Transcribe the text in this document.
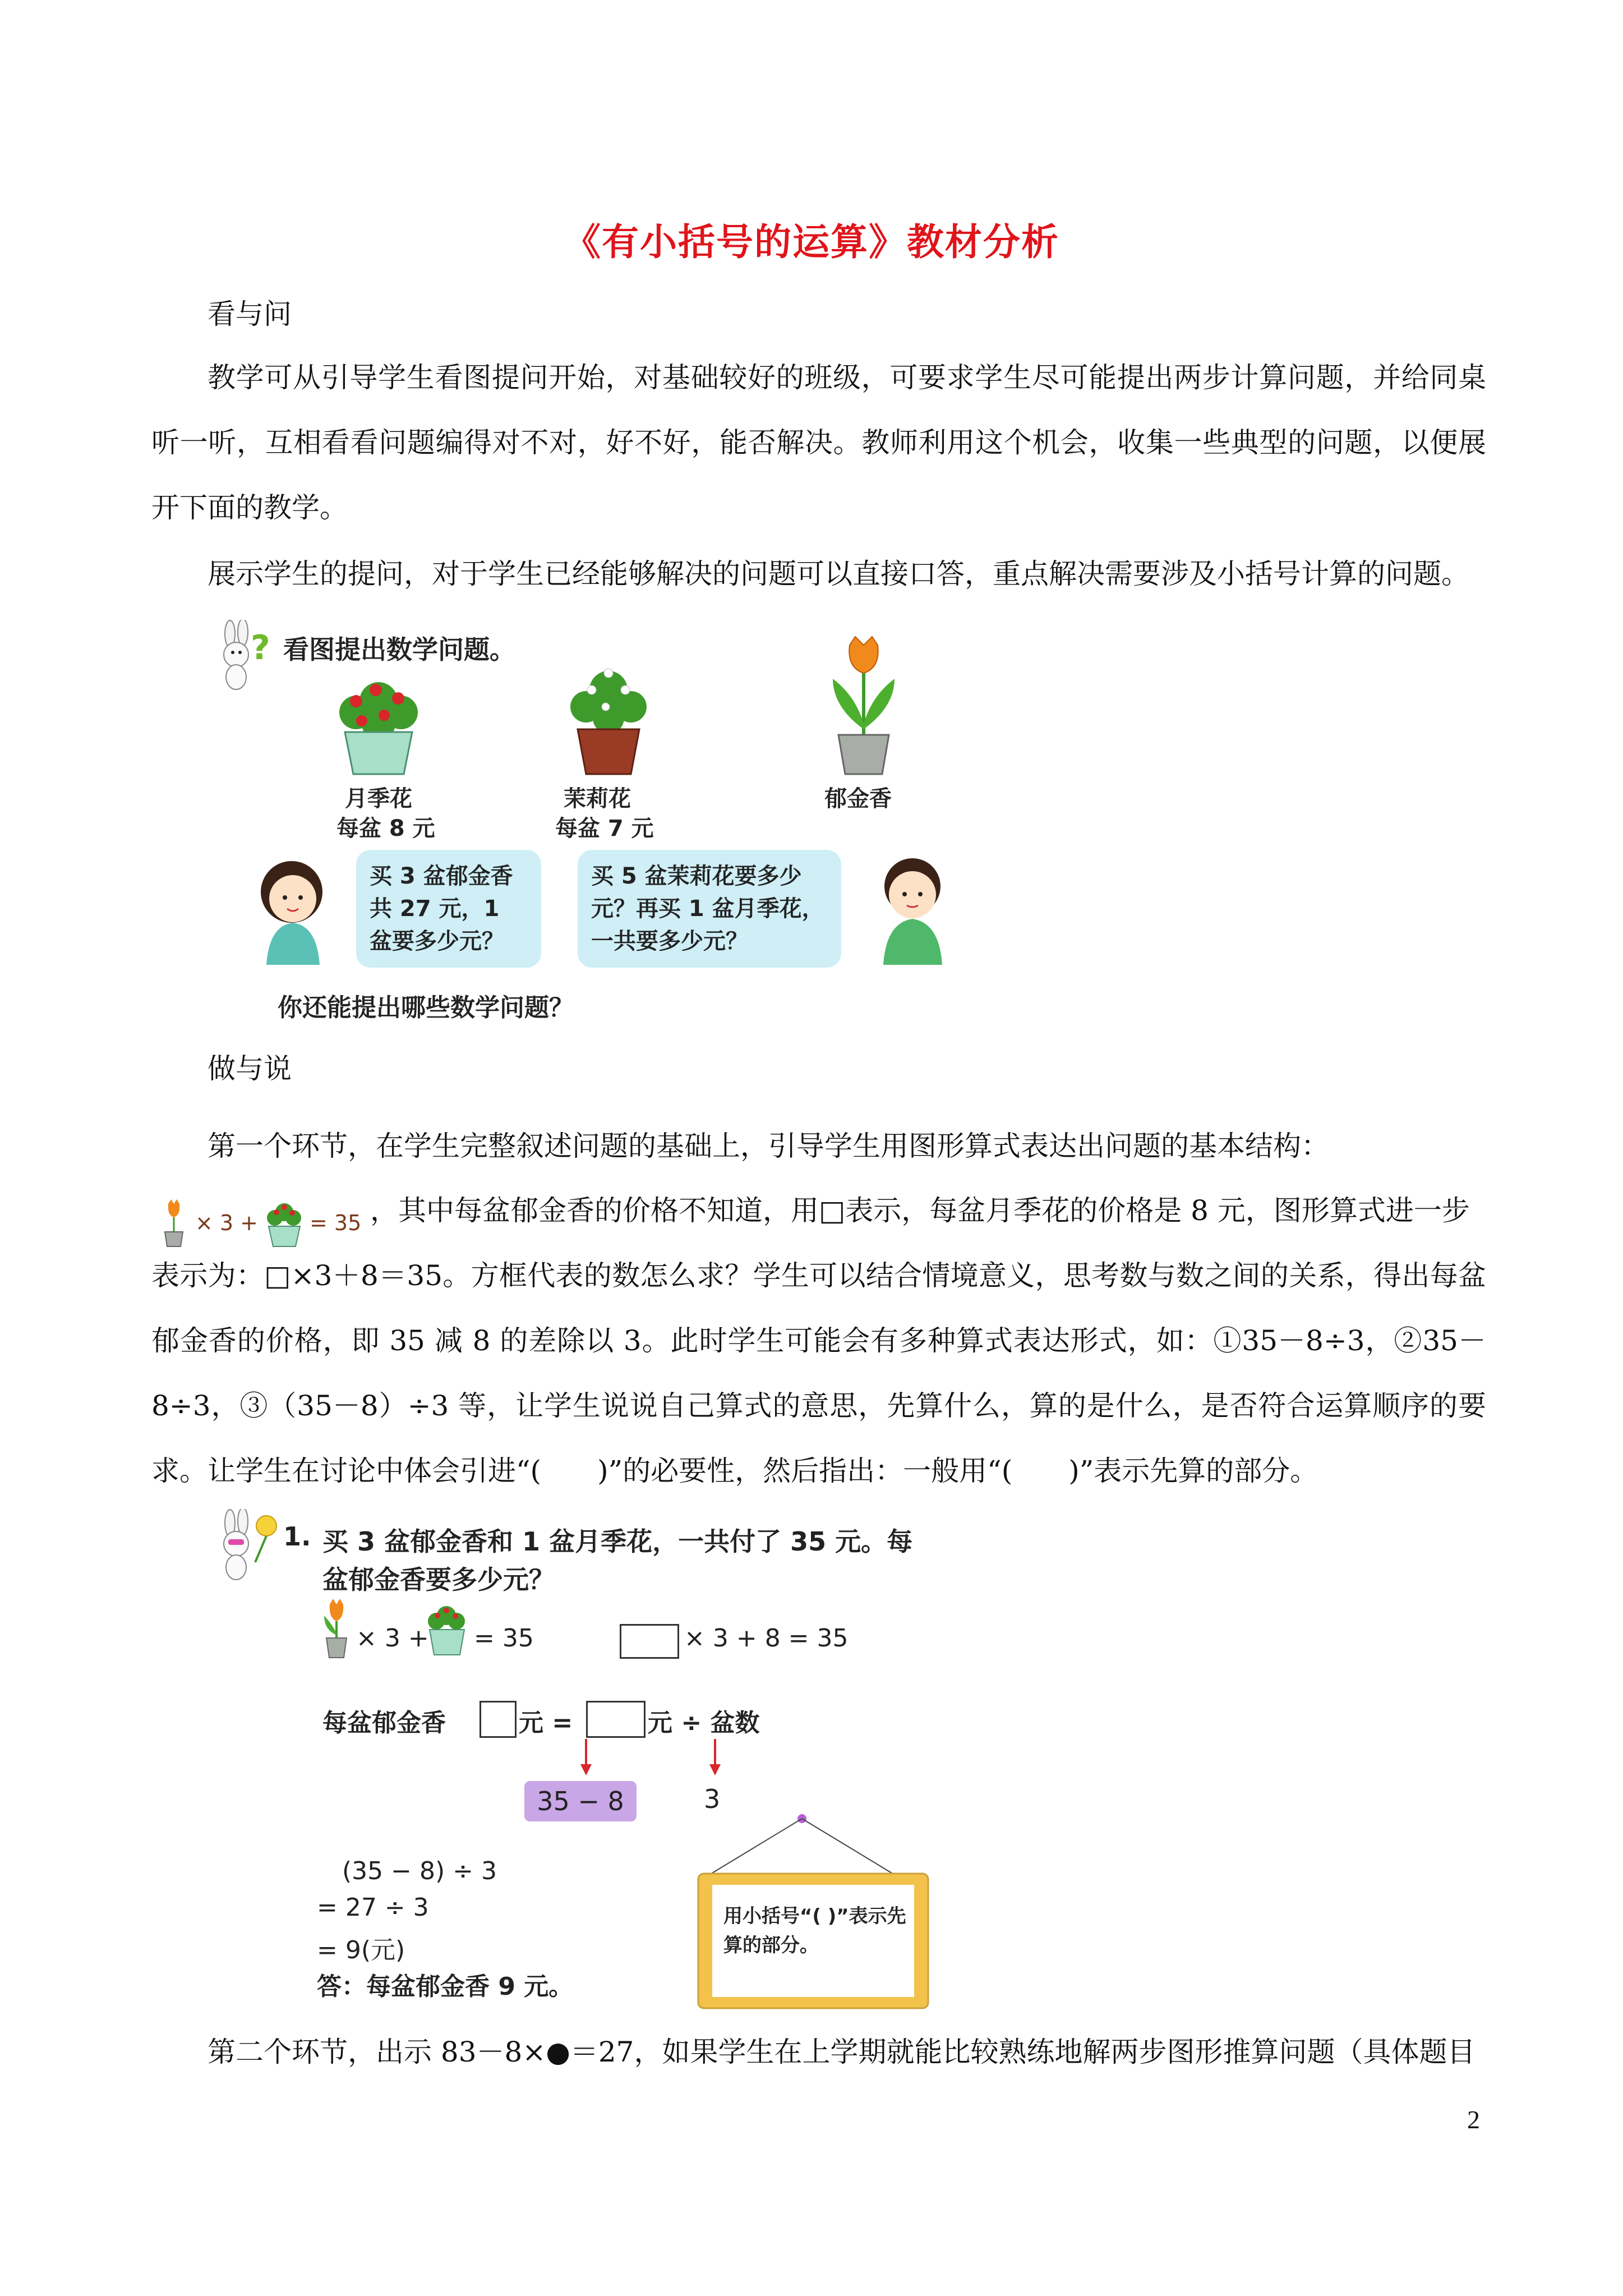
《有小括号的运算》教材分析
看与问
教学可从引导学生看图提问开始，对基础较好的班级，可要求学生尽可能提出两步计算问题，并给同桌听一听，互相看看问题编得对不对，好不好，能否解决。教师利用这个机会，收集一些典型的问题，以便展开下面的教学。
展示学生的提问，对于学生已经能够解决的问题可以直接口答，重点解决需要涉及小括号计算的问题。
? 看图提出数学问题。
月季花
每盆 8 元
茉莉花
每盆 7 元
郁金香
买 3 盆郁金香共 27 元，1 盆要多少元？
买 5 盆茉莉花要多少元？再买 1 盆月季花，一共要多少元？
你还能提出哪些数学问题？
做与说
第一个环节，在学生完整叙述问题的基础上，引导学生用图形算式表达出问题的基本结构：
× 3 + = 35 ，其中每盆郁金香的价格不知道，用□表示，每盆月季花的价格是 8 元，图形算式进一步
表示为：□×3＋8＝35。方框代表的数怎么求？学生可以结合情境意义，思考数与数之间的关系，得出每盆郁金香的价格，即 35 减 8 的差除以 3。此时学生可能会有多种算式表达形式，如：①35－8÷3，②35－8÷3，③（35－8）÷3 等，让学生说说自己算式的意思，先算什么，算的是什么，是否符合运算顺序的要求。让学生在讨论中体会引进“(　　)”的必要性，然后指出：一般用“(　　)”表示先算的部分。
1. 买 3 盆郁金香和 1 盆月季花，一共付了 35 元。每
盆郁金香要多少元？
× 3 + = 35	× 3 + 8 = 35
每盆郁金香	元 =	元 ÷ 盆数
35 − 8	3
(35 − 8) ÷ 3
= 27 ÷ 3
= 9(元)
答：每盆郁金香 9 元。
用小括号“( )”表示先算的部分。
第二个环节，出示 83－8×●＝27，如果学生在上学期就能比较熟练地解两步图形推算问题（具体题目
2
